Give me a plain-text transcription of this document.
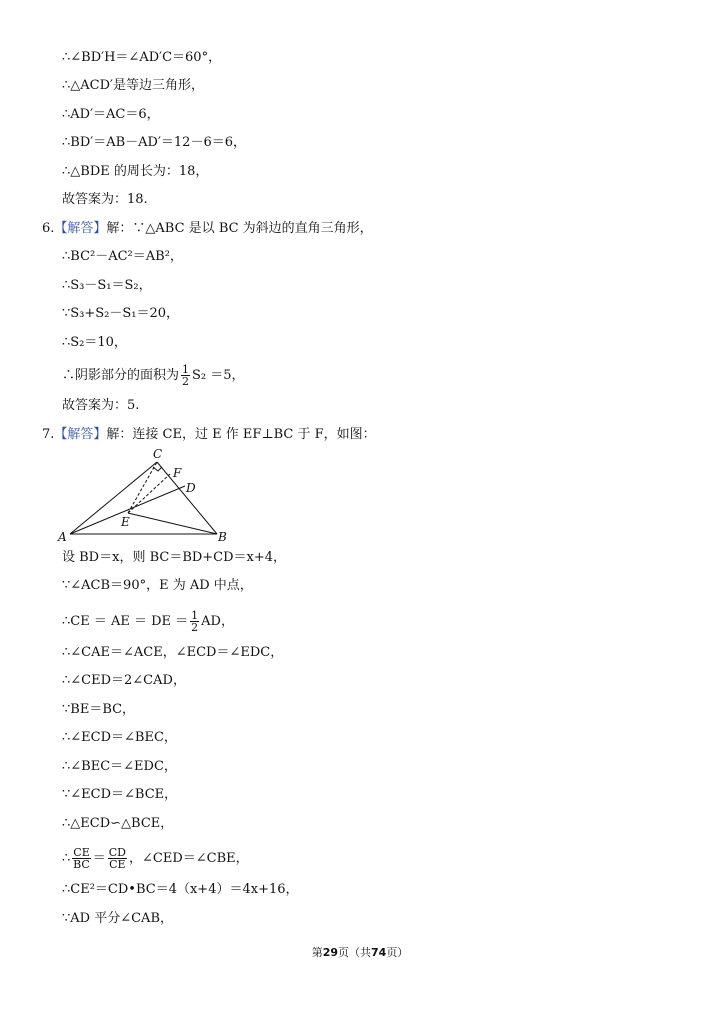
∴∠BD′H＝∠AD′C＝60°，
∴△ACD′是等边三角形，
∴AD′＝AC＝6，
∴BD′＝AB－AD′＝12－6＝6，
∴△BDE 的周长为：18，
故答案为：18.
6.【解答】解：∵△ABC 是以 BC 为斜边的直角三角形，
∴BC²－AC²＝AB²，
∴S₃－S₁＝S₂，
∵S₃+S₂－S₁＝20，
∴S₂＝10，
∴阴影部分的面积为 $\frac{1}{2} S_2 =5$，
故答案为：5.
7.【解答】解：连接 CE，过 E 作 EF⊥BC 于 F，如图：
C
F
D
E
A	B
设 BD＝x，则 BC＝BD+CD＝x+4，
∵∠ACB＝90°，E 为 AD 中点，
∴CE ＝ AE ＝ DE ＝ $\frac{1}{2}$ AD，
∴∠CAE＝∠ACE，∠ECD＝∠EDC，
∴∠CED＝2∠CAD，
∵BE＝BC，
∴∠ECD＝∠BEC，
∴∠BEC＝∠EDC，
∵∠ECD＝∠BCE，
∴△ECD∽△BCE，
∴ $\frac{CE}{BC} = \frac{CD}{CE}$ ，∠CED＝∠CBE，
∴CE²＝CD•BC＝4（x+4）＝4x+16，
∵AD 平分∠CAB，
第29页（共74页）
